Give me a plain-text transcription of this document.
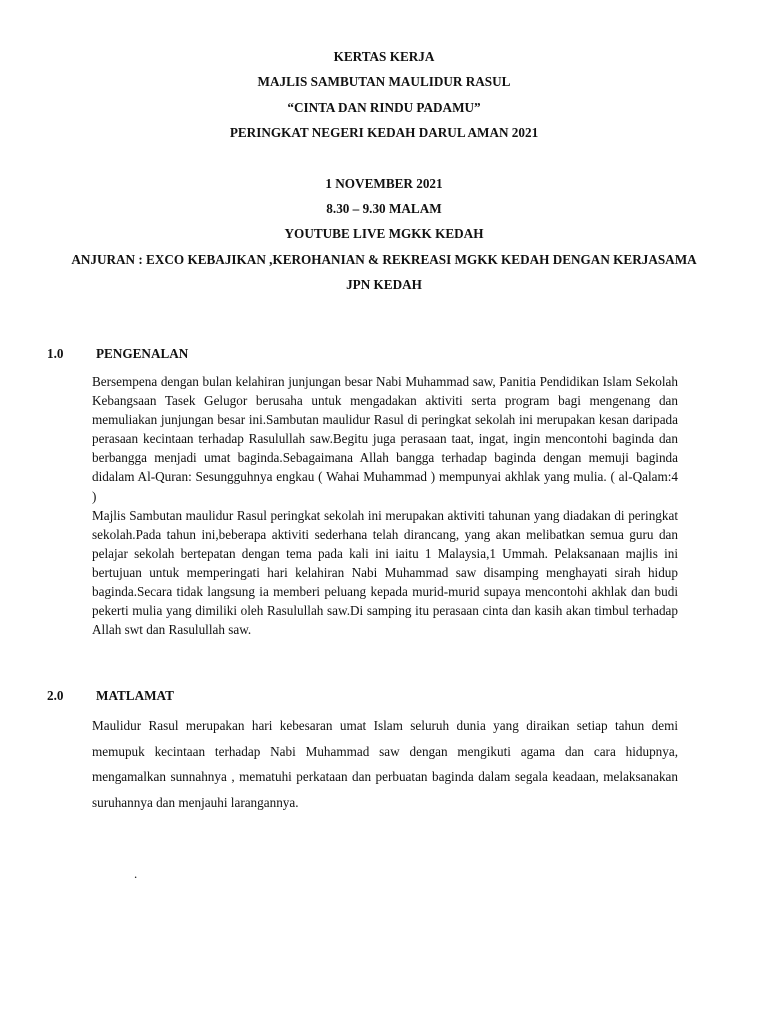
KERTAS KERJA
MAJLIS SAMBUTAN MAULIDUR RASUL
“CINTA DAN RINDU PADAMU”
PERINGKAT NEGERI KEDAH DARUL AMAN 2021
1 NOVEMBER 2021
8.30 – 9.30 MALAM
YOUTUBE LIVE MGKK KEDAH
ANJURAN : EXCO KEBAJIKAN ,KEROHANIAN & REKREASI MGKK KEDAH DENGAN KERJASAMA
JPN KEDAH
1.0 PENGENALAN

Bersempena dengan bulan kelahiran junjungan besar Nabi Muhammad saw, Panitia Pendidikan Islam Sekolah Kebangsaan Tasek Gelugor berusaha untuk mengadakan aktiviti serta program bagi mengenang dan memuliakan junjungan besar ini.Sambutan maulidur Rasul di peringkat sekolah ini merupakan kesan daripada perasaan kecintaan terhadap Rasulullah saw.Begitu juga perasaan taat, ingat, ingin mencontohi baginda dan berbangga menjadi umat baginda.Sebagaimana Allah bangga terhadap baginda dengan memuji baginda didalam Al-Quran: Sesungguhnya engkau ( Wahai Muhammad ) mempunyai akhlak yang mulia. ( al-Qalam:4 )

Majlis Sambutan maulidur Rasul peringkat sekolah ini merupakan aktiviti tahunan yang diadakan di peringkat sekolah.Pada tahun ini,beberapa aktiviti sederhana telah dirancang, yang akan melibatkan semua guru dan pelajar sekolah bertepatan dengan tema pada kali ini iaitu 1 Malaysia,1 Ummah. Pelaksanaan majlis ini bertujuan untuk memperingati hari kelahiran Nabi Muhammad saw disamping menghayati sirah hidup baginda.Secara tidak langsung ia memberi peluang kepada murid-murid supaya mencontohi akhlak dan budi pekerti mulia yang dimiliki oleh Rasulullah saw.Di samping itu perasaan cinta dan kasih akan timbul terhadap Allah swt dan Rasulullah saw.

2.0 MATLAMAT

Maulidur Rasul merupakan hari kebesaran umat Islam seluruh dunia yang diraikan setiap tahun demi memupuk kecintaan terhadap Nabi Muhammad saw dengan mengikuti agama dan cara hidupnya, mengamalkan sunnahnya , mematuhi perkataan dan perbuatan baginda dalam segala keadaan, melaksanakan suruhannya dan menjauhi larangannya.

.
